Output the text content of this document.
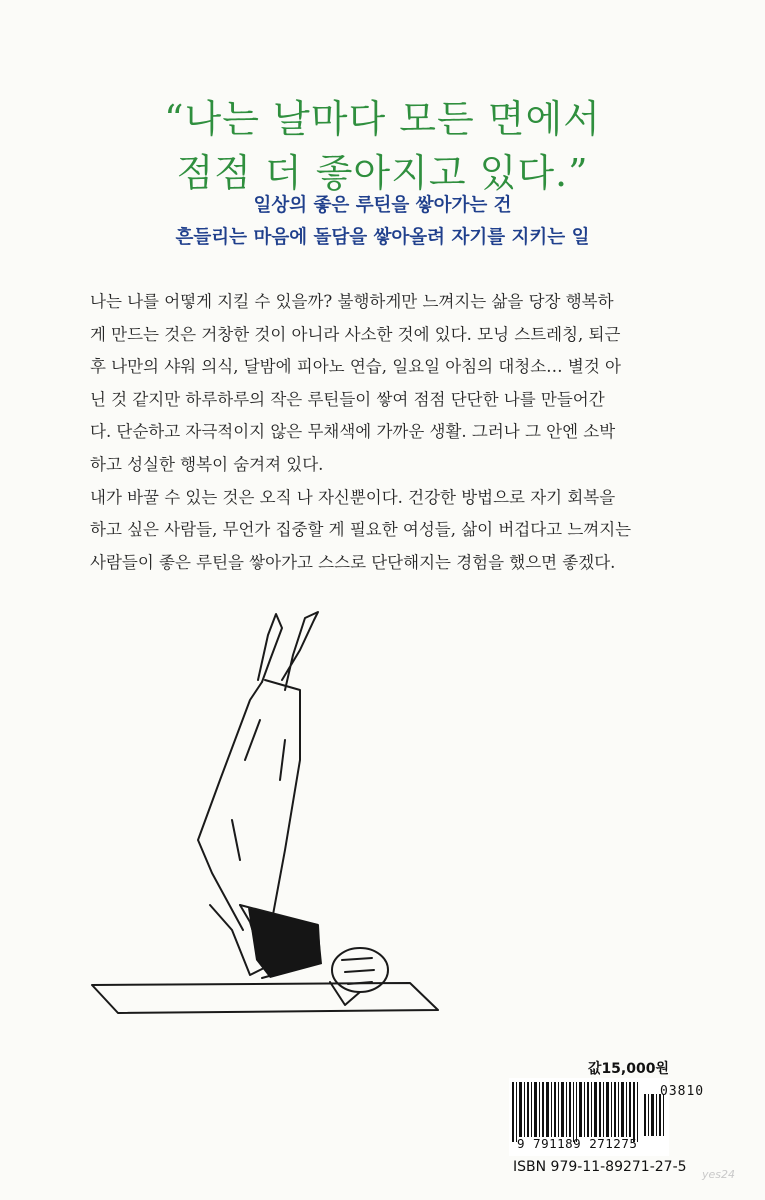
“나는 날마다 모든 면에서
점점 더 좋아지고 있다.”
일상의 좋은 루틴을 쌓아가는 건
흔들리는 마음에 돌담을 쌓아올려 자기를 지키는 일
나는 나를 어떻게 지킬 수 있을까? 불행하게만 느껴지는 삶을 당장 행복하
게 만드는 것은 거창한 것이 아니라 사소한 것에 있다. 모닝 스트레칭, 퇴근
후 나만의 샤워 의식, 달밤에 피아노 연습, 일요일 아침의 대청소… 별것 아
닌 것 같지만 하루하루의 작은 루틴들이 쌓여 점점 단단한 나를 만들어간
다. 단순하고 자극적이지 않은 무채색에 가까운 생활. 그러나 그 안엔 소박
하고 성실한 행복이 숨겨져 있다.
내가 바꿀 수 있는 것은 오직 나 자신뿐이다. 건강한 방법으로 자기 회복을
하고 싶은 사람들, 무언가 집중할 게 필요한 여성들, 삶이 버겁다고 느껴지는
사람들이 좋은 루틴을 쌓아가고 스스로 단단해지는 경험을 했으면 좋겠다.
값15,000원
03810
9 791189 271275
ISBN 979-11-89271-27-5 yes24
